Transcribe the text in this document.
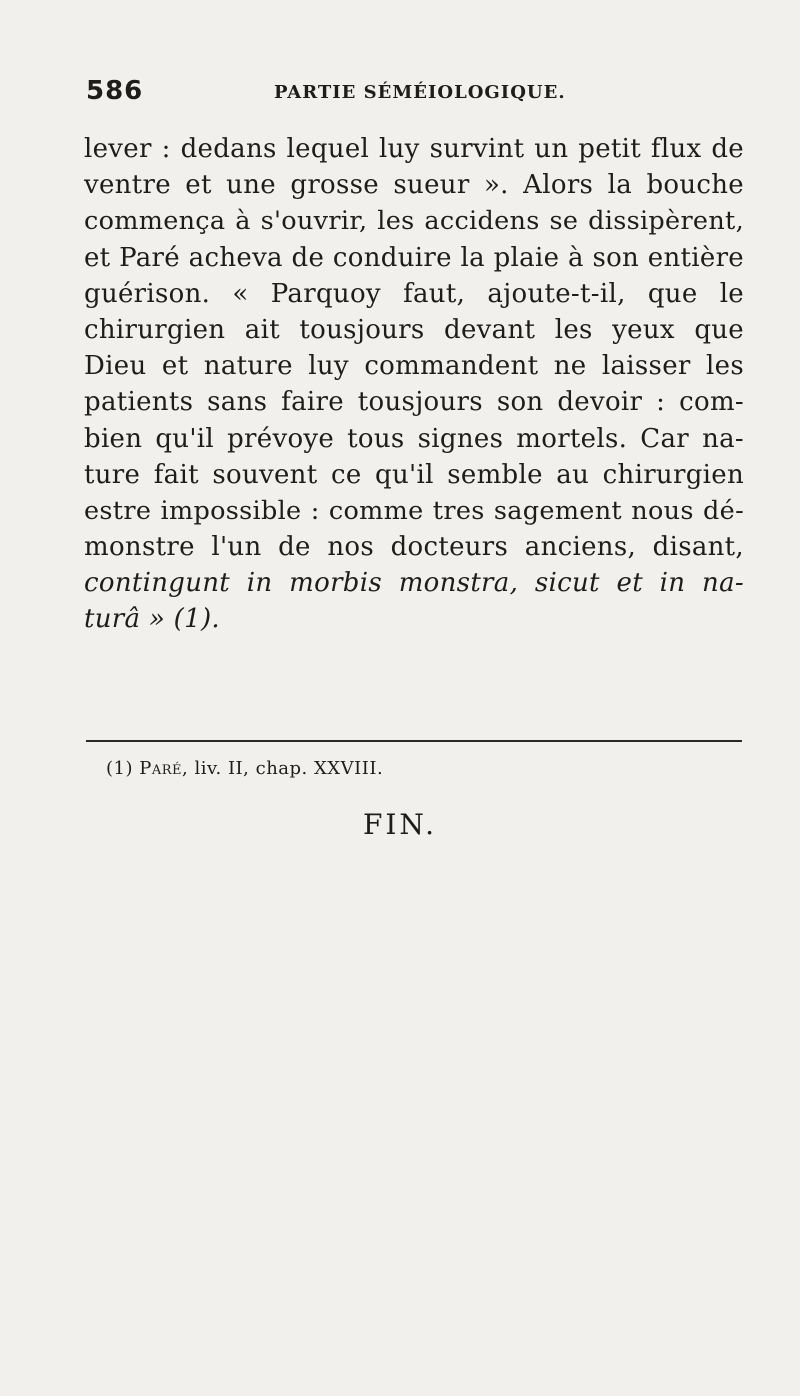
586	PARTIE SÉMÉIOLOGIQUE.
lever : dedans lequel luy survint un petit flux de
ventre et une grosse sueur ». Alors la bouche
commença à s'ouvrir, les accidens se dissipèrent,
et Paré acheva de conduire la plaie à son entière
guérison. « Parquoy faut, ajoute-t-il, que le
chirurgien ait tousjours devant les yeux que
Dieu et nature luy commandent ne laisser les
patients sans faire tousjours son devoir : com-
bien qu'il prévoye tous signes mortels. Car na-
ture fait souvent ce qu'il semble au chirurgien
estre impossible : comme tres sagement nous dé-
monstre l'un de nos docteurs anciens, disant,
contingunt in morbis monstra, sicut et in na-
turâ » (1).
(1) Paré, liv. II, chap. XXVIII.
FIN.
